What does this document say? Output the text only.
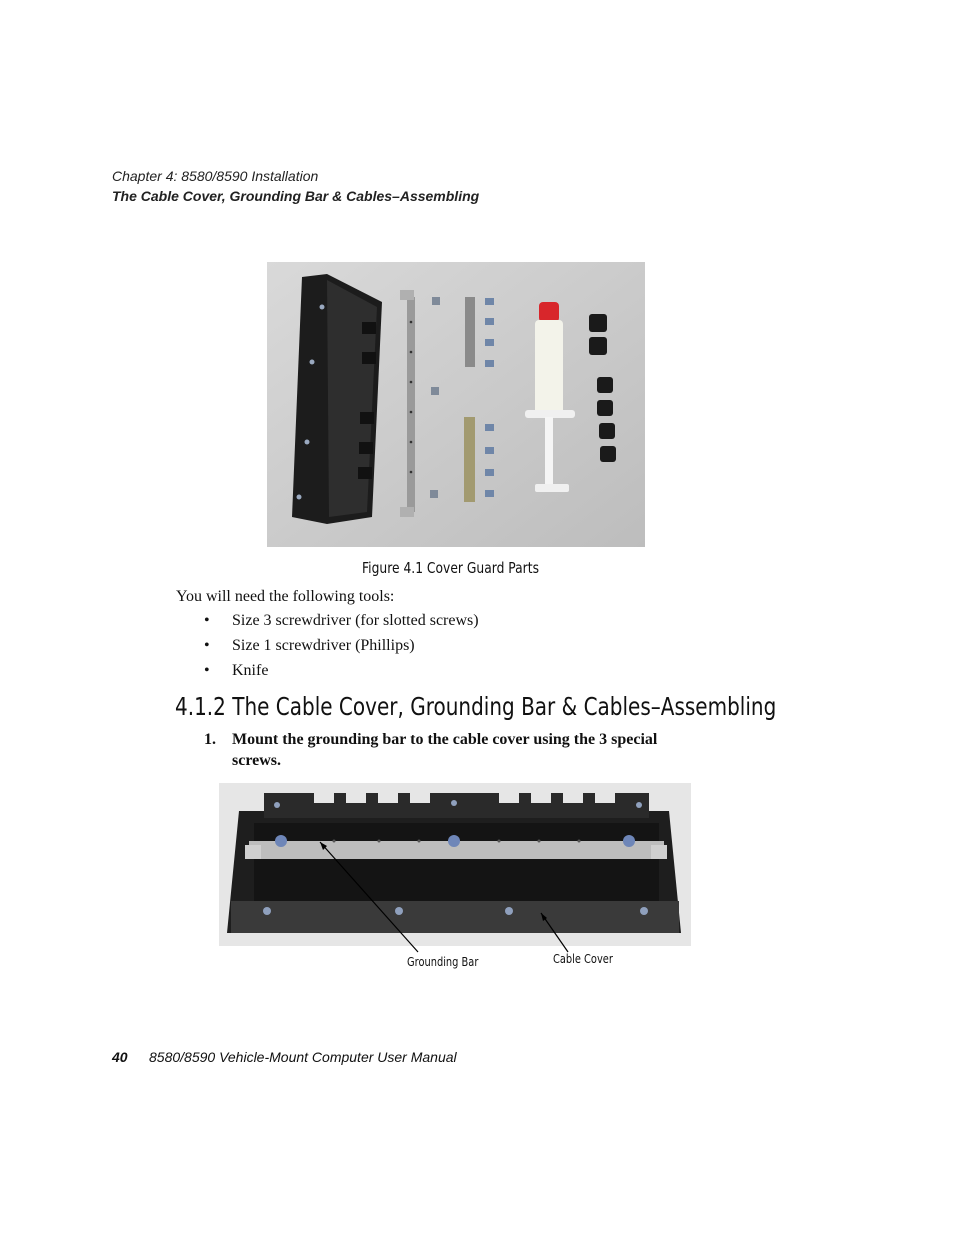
Chapter 4: 8580/8590 Installation
The Cable Cover, Grounding Bar & Cables–Assembling
Figure 4.1 Cover Guard Parts
You will need the following tools:
• Size 3 screwdriver (for slotted screws)
• Size 1 screwdriver (Phillips)
• Knife
4.1.2 The Cable Cover, Grounding Bar & Cables–Assembling
1. Mount the grounding bar to the cable cover using the 3 special screws.
Grounding Bar	Cable Cover
40 8580/8590 Vehicle-Mount Computer User Manual
